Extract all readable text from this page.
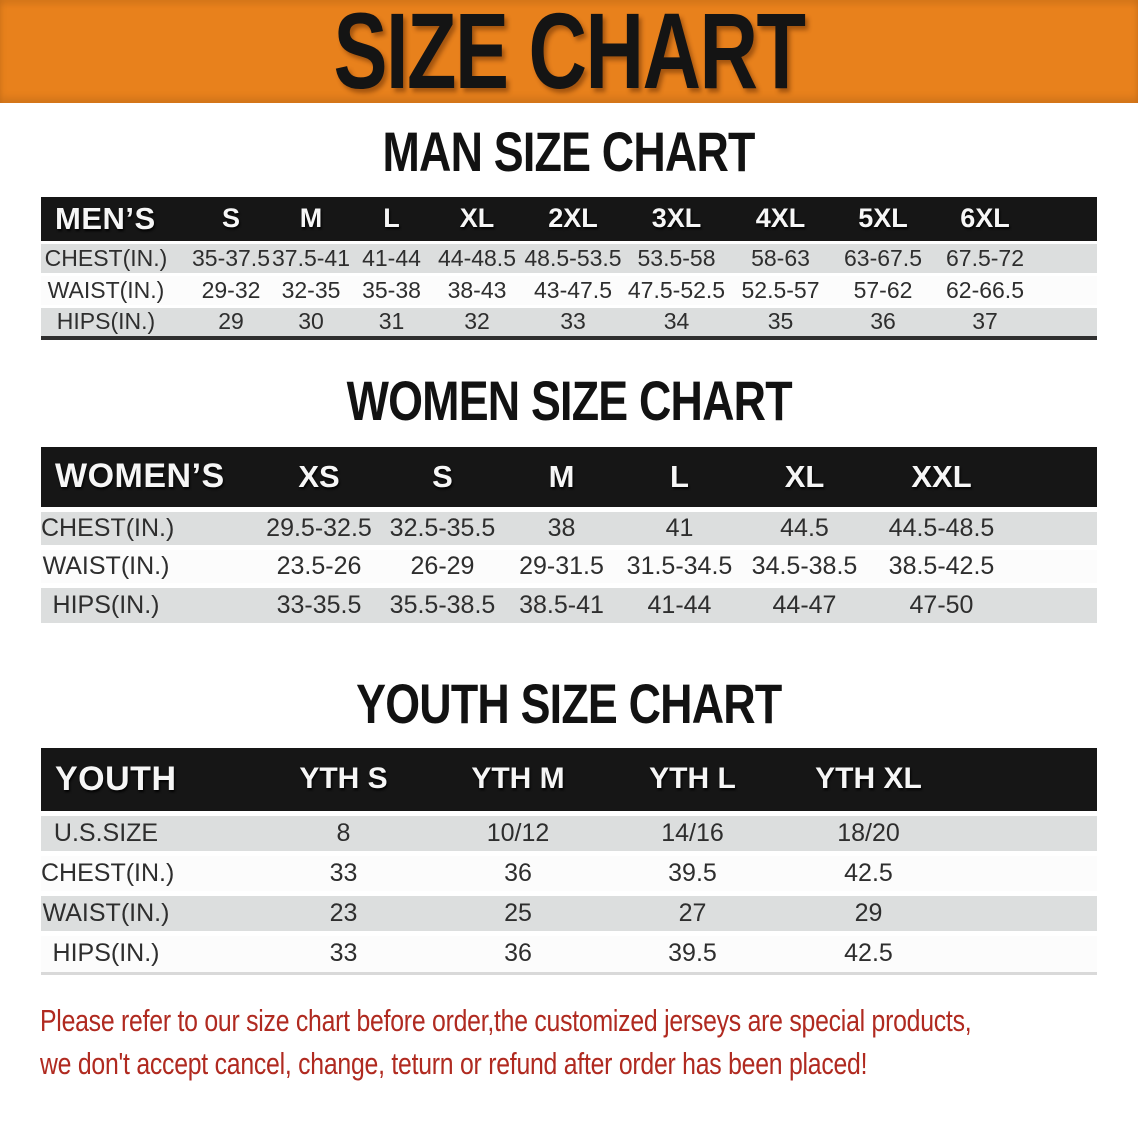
SIZE CHART
MAN SIZE CHART
MEN’S	S	M	L	XL	2XL	3XL	4XL	5XL	6XL	
CHEST(IN.)	35-37.5	37.5-41	41-44	44-48.5	48.5-53.5	53.5-58	58-63	63-67.5	67.5-72	
WAIST(IN.)	29-32	32-35	35-38	38-43	43-47.5	47.5-52.5	52.5-57	57-62	62-66.5	
HIPS(IN.)	29	30	31	32	33	34	35	36	37	
WOMEN SIZE CHART
WOMEN’S	XS	S	M	L	XL	XXL	
CHEST(IN.)	29.5-32.5	32.5-35.5	38	41	44.5	44.5-48.5	
WAIST(IN.)	23.5-26	26-29	29-31.5	31.5-34.5	34.5-38.5	38.5-42.5	
HIPS(IN.)	33-35.5	35.5-38.5	38.5-41	41-44	44-47	47-50	
YOUTH SIZE CHART
YOUTH	YTH S	YTH M	YTH L	YTH XL	
U.S.SIZE	8	10/12	14/16	18/20	
CHEST(IN.)	33	36	39.5	42.5	
WAIST(IN.)	23	25	27	29	
HIPS(IN.)	33	36	39.5	42.5	
Please refer to our size chart before order,the customized jerseys are special products,
we don't accept cancel, change, teturn or refund after order has been placed!
